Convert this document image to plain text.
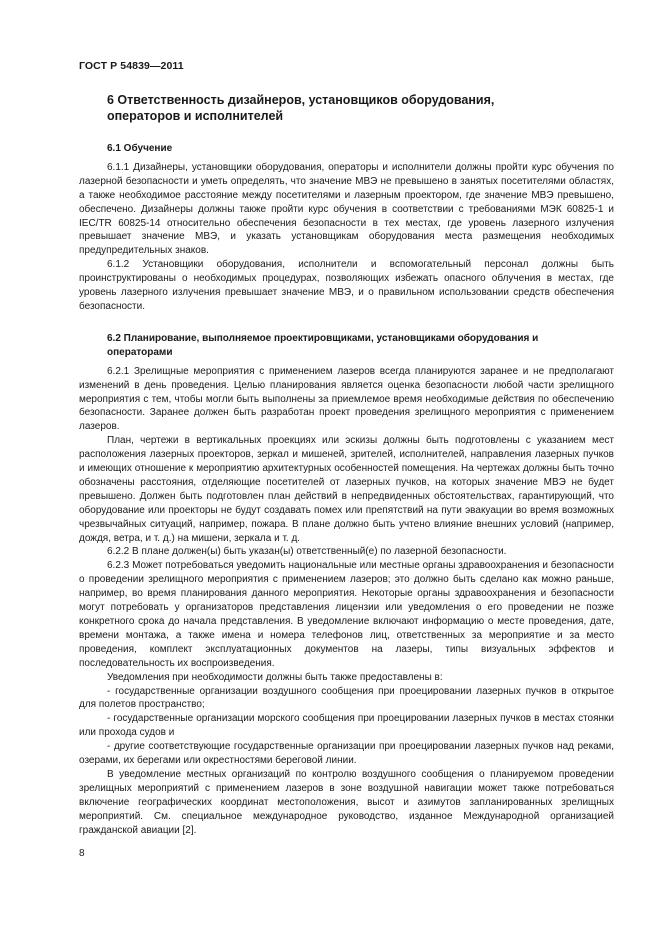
ГОСТ Р 54839—2011
6 Ответственность дизайнеров, установщиков оборудования,
операторов и исполнителей
6.1 Обучение

6.1.1 Дизайнеры, установщики оборудования, операторы и исполнители должны пройти курс обучения по лазерной безопасности и уметь определять, что значение МВЭ не превышено в занятых посетителями областях, а также необходимое расстояние между посетителями и лазерным проектором, где значение МВЭ превышено, обеспечено. Дизайнеры должны также пройти курс обучения в соответствии с требованиями МЭК 60825-1 и IEC/TR 60825-14 относительно обеспечения безопасности в тех местах, где уровень лазерного излучения превышает значение МВЭ, и указать установщикам оборудования места размещения необходимых предупредительных знаков.

6.1.2 Установщики оборудования, исполнители и вспомогательный персонал должны быть проинструктированы о необходимых процедурах, позволяющих избежать опасного облучения в местах, где уровень лазерного излучения превышает значение МВЭ, и о правильном использовании средств обеспечения безопасности.

6.2 Планирование, выполняемое проектировщиками, установщиками оборудования и
операторами

6.2.1 Зрелищные мероприятия с применением лазеров всегда планируются заранее и не предполагают изменений в день проведения. Целью планирования является оценка безопасности любой части зрелищного мероприятия с тем, чтобы могли быть выполнены за приемлемое время необходимые действия по обеспечению безопасности. Заранее должен быть разработан проект проведения зрелищного мероприятия с применением лазеров.

План, чертежи в вертикальных проекциях или эскизы должны быть подготовлены с указанием мест расположения лазерных проекторов, зеркал и мишеней, зрителей, исполнителей, направления лазерных пучков и имеющих отношение к мероприятию архитектурных особенностей помещения. На чертежах должны быть точно обозначены расстояния, отделяющие посетителей от лазерных пучков, на которых значение МВЭ не будет превышено. Должен быть подготовлен план действий в непредвиденных обстоятельствах, гарантирующий, что оборудование или проекторы не будут создавать помех или препятствий на пути эвакуации во время возможных чрезвычайных ситуаций, например, пожара. В плане должно быть учтено влияние внешних условий (например, дождя, ветра, и т. д.) на мишени, зеркала и т. д.

6.2.2 В плане должен(ы) быть указан(ы) ответственный(е) по лазерной безопасности.

6.2.3 Может потребоваться уведомить национальные или местные органы здравоохранения и безопасности о проведении зрелищного мероприятия с применением лазеров; это должно быть сделано как можно раньше, например, во время планирования данного мероприятия. Некоторые органы здравоохранения и безопасности могут потребовать у организаторов представления лицензии или уведомления о его проведении не позже конкретного срока до начала представления. В уведомление включают информацию о месте проведения, дате, времени монтажа, а также имена и номера телефонов лиц, ответственных за мероприятие и за место проведения, комплект эксплуатационных документов на лазеры, типы визуальных эффектов и последовательность их воспроизведения.

Уведомления при необходимости должны быть также предоставлены в:

- государственные организации воздушного сообщения при проецировании лазерных пучков в открытое для полетов пространство;

- государственные организации морского сообщения при проецировании лазерных пучков в местах стоянки или прохода судов и

- другие соответствующие государственные организации при проецировании лазерных пучков над реками, озерами, их берегами или окрестностями береговой линии.

В уведомление местных организаций по контролю воздушного сообщения о планируемом проведении зрелищных мероприятий с применением лазеров в зоне воздушной навигации может также потребоваться включение географических координат местоположения, высот и азимутов запланированных зрелищных мероприятий. См. специальное международное руководство, изданное Международной организацией гражданской авиации [2].

8
